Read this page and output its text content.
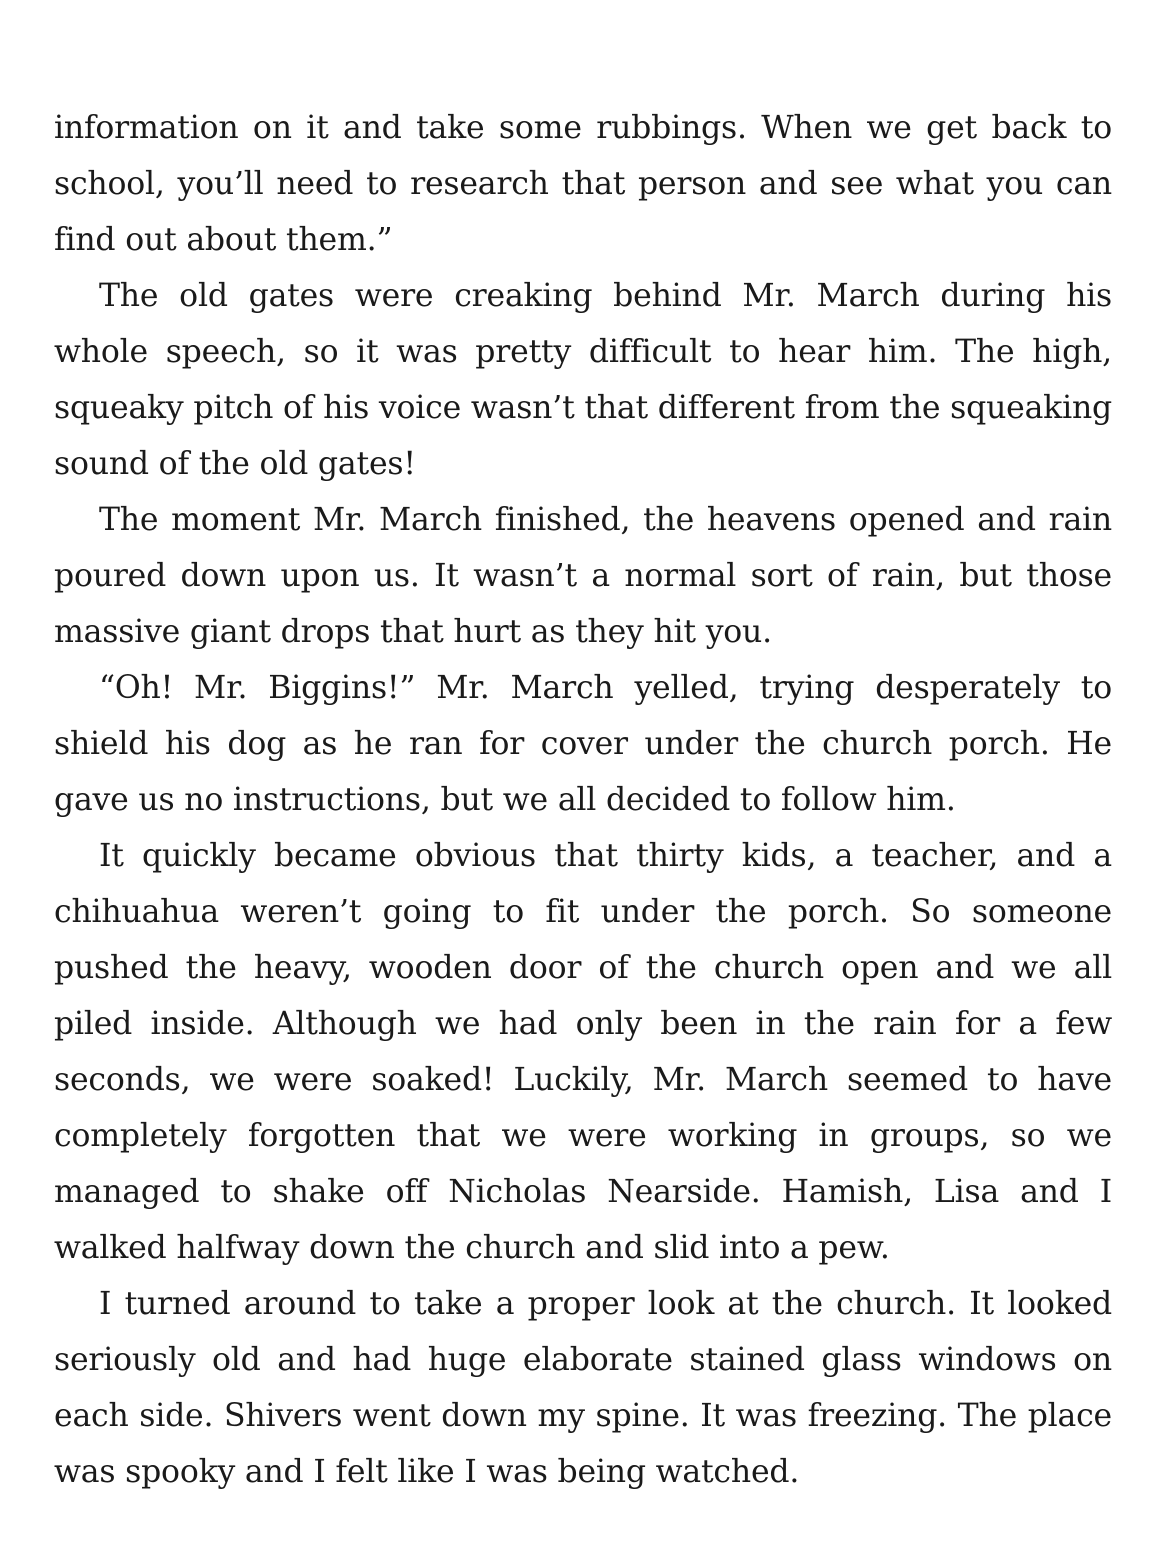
information on it and take some rubbings. When we get back to school, you’ll need to research that person and see what you can find out about them.”

The old gates were creaking behind Mr. March during his whole speech, so it was pretty difficult to hear him. The high, squeaky pitch of his voice wasn’t that different from the squeaking sound of the old gates!

The moment Mr. March finished, the heavens opened and rain poured down upon us. It wasn’t a normal sort of rain, but those massive giant drops that hurt as they hit you.

“Oh! Mr. Biggins!” Mr. March yelled, trying desperately to shield his dog as he ran for cover under the church porch. He gave us no instructions, but we all decided to follow him.

It quickly became obvious that thirty kids, a teacher, and a chihuahua weren’t going to fit under the porch. So someone pushed the heavy, wooden door of the church open and we all piled inside. Although we had only been in the rain for a few seconds, we were soaked! Luckily, Mr. March seemed to have completely forgotten that we were working in groups, so we managed to shake off Nicholas Nearside. Hamish, Lisa and I walked halfway down the church and slid into a pew.

I turned around to take a proper look at the church. It looked seriously old and had huge elaborate stained glass windows on each side. Shivers went down my spine. It was freezing. The place was spooky and I felt like I was being watched.
